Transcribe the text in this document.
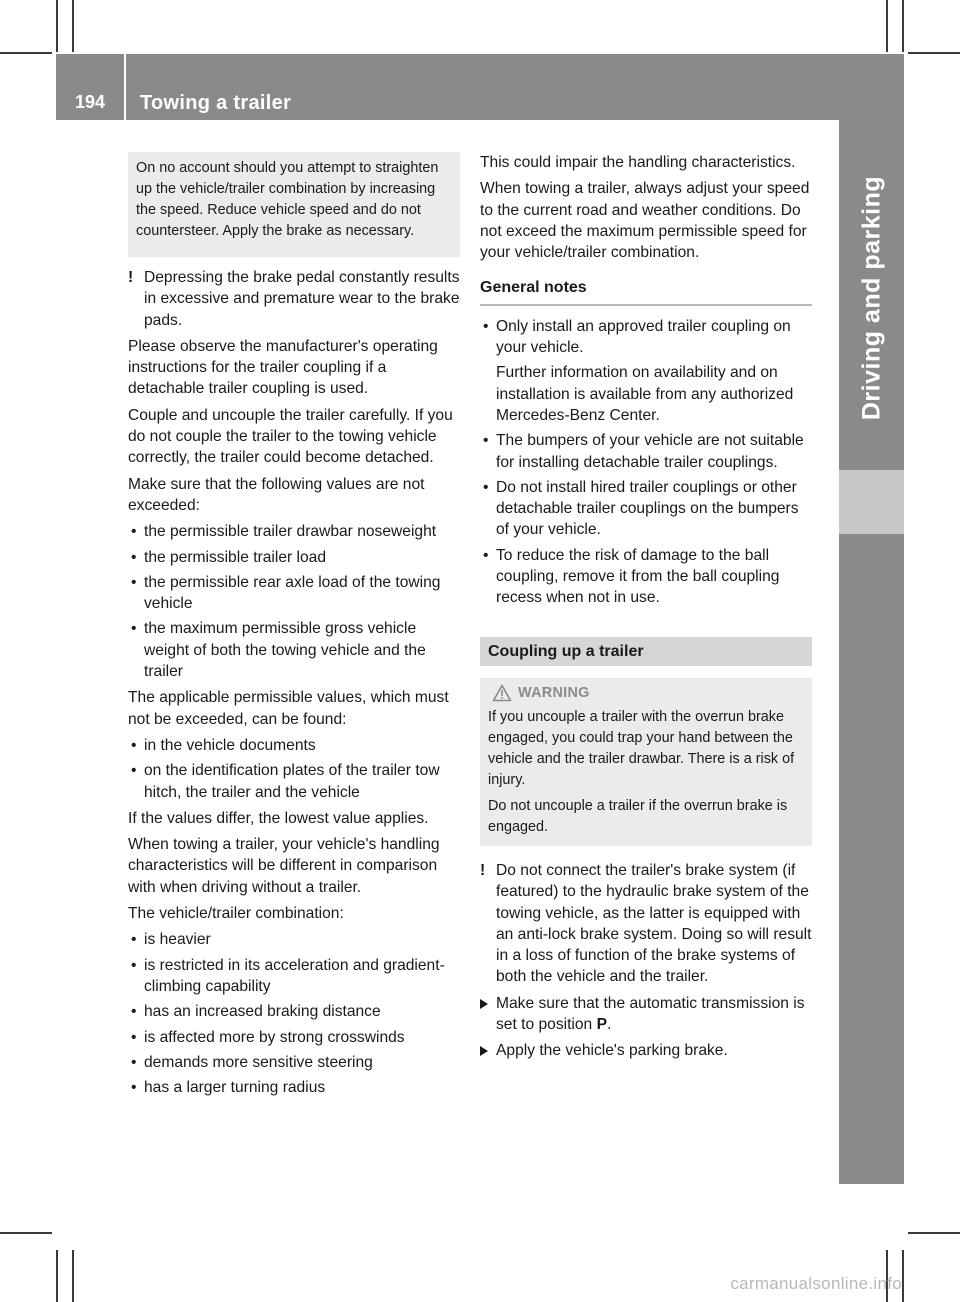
194	Towing a trailer
Driving and parking

On no account should you attempt to straighten up the vehicle/trailer combination by increasing the speed. Reduce vehicle speed and do not countersteer. Apply the brake as necessary.

! Depressing the brake pedal constantly results in excessive and premature wear to the brake pads.

Please observe the manufacturer's operating instructions for the trailer coupling if a detachable trailer coupling is used.

Couple and uncouple the trailer carefully. If you do not couple the trailer to the towing vehicle correctly, the trailer could become detached.

Make sure that the following values are not exceeded:

• the permissible trailer drawbar noseweight
• the permissible trailer load
• the permissible rear axle load of the towing vehicle
• the maximum permissible gross vehicle weight of both the towing vehicle and the trailer

The applicable permissible values, which must not be exceeded, can be found:

• in the vehicle documents
• on the identification plates of the trailer tow hitch, the trailer and the vehicle

If the values differ, the lowest value applies.

When towing a trailer, your vehicle's handling characteristics will be different in comparison with when driving without a trailer.

The vehicle/trailer combination:

• is heavier
• is restricted in its acceleration and gradient-climbing capability
• has an increased braking distance
• is affected more by strong crosswinds
• demands more sensitive steering
• has a larger turning radius

This could impair the handling characteristics.

When towing a trailer, always adjust your speed to the current road and weather conditions. Do not exceed the maximum permissible speed for your vehicle/trailer combination.

General notes
• Only install an approved trailer coupling on your vehicle.

Further information on availability and on installation is available from any authorized Mercedes-Benz Center.

• The bumpers of your vehicle are not suitable for installing detachable trailer couplings.
• Do not install hired trailer couplings or other detachable trailer couplings on the bumpers of your vehicle.
• To reduce the risk of damage to the ball coupling, remove it from the ball coupling recess when not in use.
Coupling up a trailer
WARNING

If you uncouple a trailer with the overrun brake engaged, you could trap your hand between the vehicle and the trailer drawbar. There is a risk of injury.

Do not uncouple a trailer if the overrun brake is engaged.

! Do not connect the trailer's brake system (if featured) to the hydraulic brake system of the towing vehicle, as the latter is equipped with an anti-lock brake system. Doing so will result in a loss of function of the brake systems of both the vehicle and the trailer.
Make sure that the automatic transmission is set to position P.
Apply the vehicle's parking brake.
carmanualsonline.info
